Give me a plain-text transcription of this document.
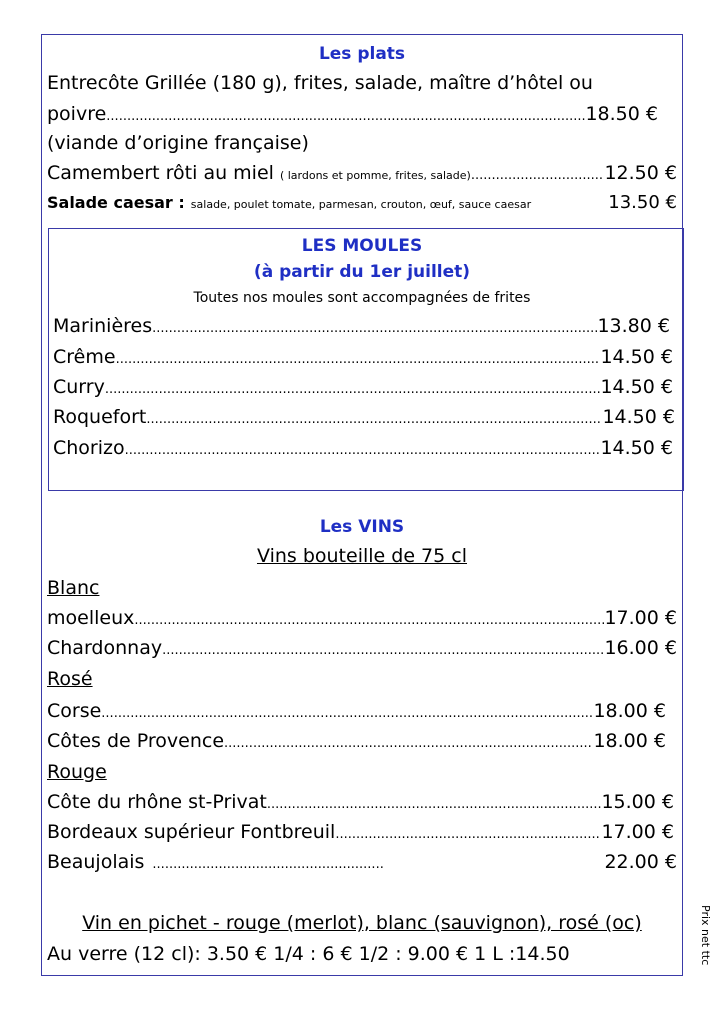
Les plats
Entrecôte Grillée (180 g), frites, salade, maître d’hôtel ou
poivre .....	18.50 €
(viande d’origine française)
Camembert rôti au miel ( lardons et pomme, frites, salade) .....	12.50 €
Salade caesar : salade, poulet tomate, parmesan, crouton, œuf, sauce caesar	13.50 €
LES MOULES
(à partir du 1er juillet)
Toutes nos moules sont accompagnées de frites
Marinières .....	13.80 €
Crême .....	14.50 €
Curry .....	14.50 €
Roquefort .....	14.50 €
Chorizo .....	14.50 €
Les VINS
Vins bouteille de 75 cl
Blanc
moelleux .....	17.00 €
Chardonnay .....	16.00 €
Rosé
Corse .....	18.00 €
Côtes de Provence .....	18.00 €
Rouge
Côte du rhône st-Privat .....	15.00 €
Bordeaux supérieur Fontbreuil .....	17.00 €
Beaujolais .....	22.00 €
Vin en pichet - rouge (merlot), blanc (sauvignon), rosé (oc)
Au verre (12 cl): 3.50 € 1/4 : 6 € 1/2 : 9.00 € 1 L :14.50	Prix net ttc
